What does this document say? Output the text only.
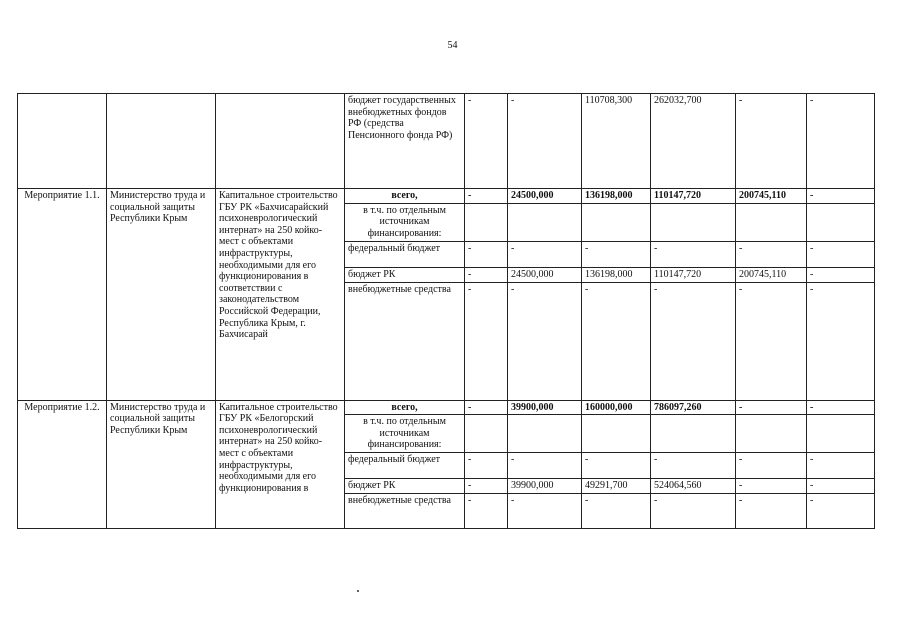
54
			бюджет государственных внебюджетных фондов РФ (средства Пенсионного фонда РФ)	-	-	110708,300	262032,700	-	-
Мероприятие 1.1.	Министерство труда и социальной защиты Республики Крым	Капитальное строительство ГБУ РК «Бахчисарайский психоневрологический интернат» на 250 койко-мест с объектами инфраструктуры, необходимыми для его функционирования в соответствии с законодательством Российской Федерации, Республика Крым, г. Бахчисарай	всего,	-	24500,000	136198,000	110147,720	200745,110	-
			в т.ч. по отдельным источникам финансирования:						
			федеральный бюджет	-	-	-	-	-	-
			бюджет РК	-	24500,000	136198,000	110147,720	200745,110	-
			внебюджетные средства	-	-	-	-	-	-
Мероприятие 1.2.	Министерство труда и социальной защиты Республики Крым	Капитальное строительство ГБУ РК «Белогорский психоневрологический интернат» на 250 койко-мест с объектами инфраструктуры, необходимыми для его функционирования в	всего,	-	39900,000	160000,000	786097,260	-	-
			в т.ч. по отдельным источникам финансирования:						
			федеральный бюджет	-	-	-	-	-	-
			бюджет РК	-	39900,000	49291,700	524064,560	-	-
			внебюджетные средства	-	-	-	-	-	-
